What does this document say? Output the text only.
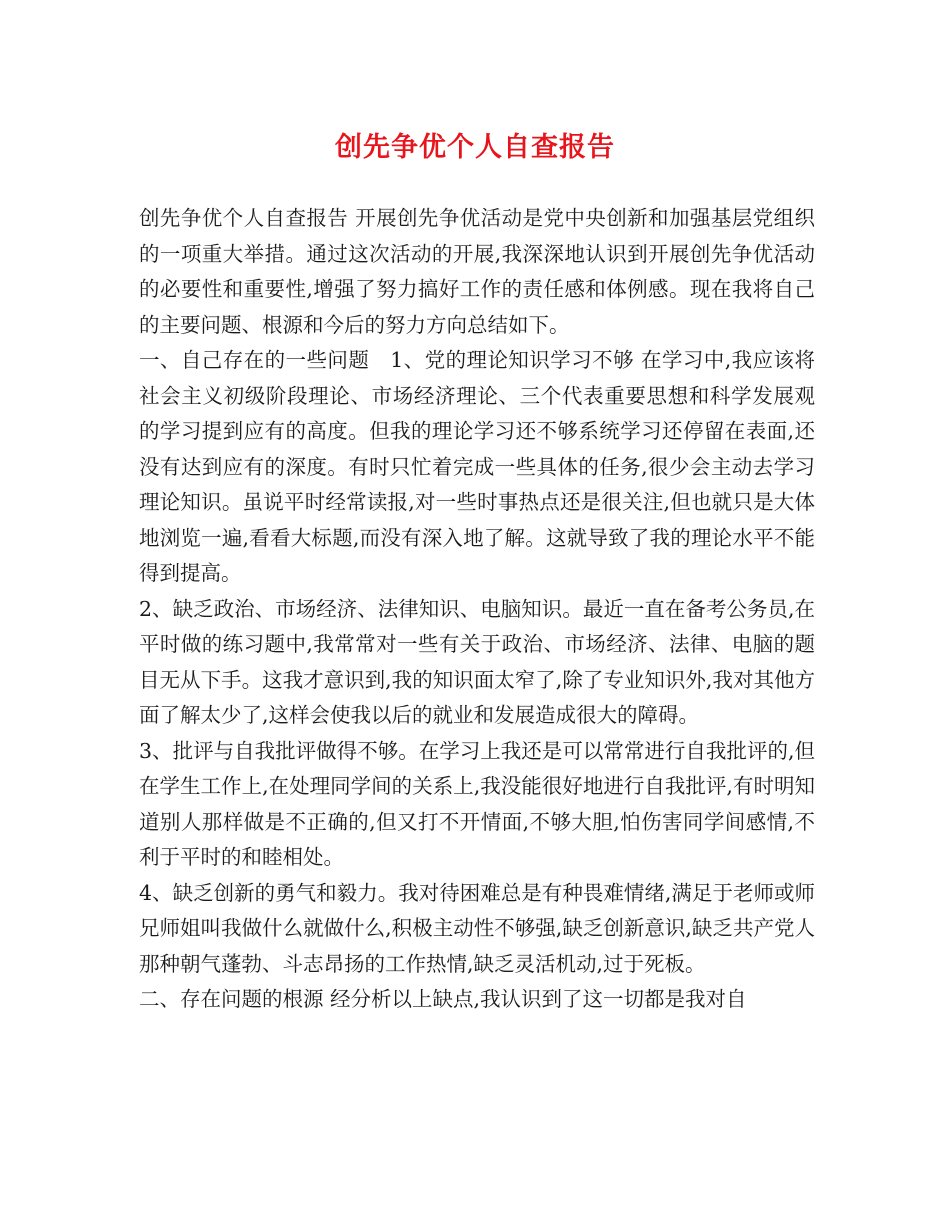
创先争优个人自查报告

创先争优个人自查报告 开展创先争优活动是党中央创新和加强基层党组织的一项重大举措。通过这次活动的开展,我深深地认识到开展创先争优活动的必要性和重要性,增强了努力搞好工作的责任感和体例感。现在我将自己的主要问题、根源和今后的努力方向总结如下。

一、自己存在的一些问题　1、党的理论知识学习不够 在学习中,我应该将社会主义初级阶段理论、市场经济理论、三个代表重要思想和科学发展观的学习提到应有的高度。但我的理论学习还不够系统学习还停留在表面,还没有达到应有的深度。有时只忙着完成一些具体的任务,很少会主动去学习理论知识。虽说平时经常读报,对一些时事热点还是很关注,但也就只是大体地浏览一遍,看看大标题,而没有深入地了解。这就导致了我的理论水平不能得到提高。

2、缺乏政治、市场经济、法律知识、电脑知识。最近一直在备考公务员,在平时做的练习题中,我常常对一些有关于政治、市场经济、法律、电脑的题目无从下手。这我才意识到,我的知识面太窄了,除了专业知识外,我对其他方面了解太少了,这样会使我以后的就业和发展造成很大的障碍。

3、批评与自我批评做得不够。在学习上我还是可以常常进行自我批评的,但在学生工作上,在处理同学间的关系上,我没能很好地进行自我批评,有时明知道别人那样做是不正确的,但又打不开情面,不够大胆,怕伤害同学间感情,不利于平时的和睦相处。

4、缺乏创新的勇气和毅力。我对待困难总是有种畏难情绪,满足于老师或师兄师姐叫我做什么就做什么,积极主动性不够强,缺乏创新意识,缺乏共产党人那种朝气蓬勃、斗志昂扬的工作热情,缺乏灵活机动,过于死板。

二、存在问题的根源 经分析以上缺点,我认识到了这一切都是我对自
